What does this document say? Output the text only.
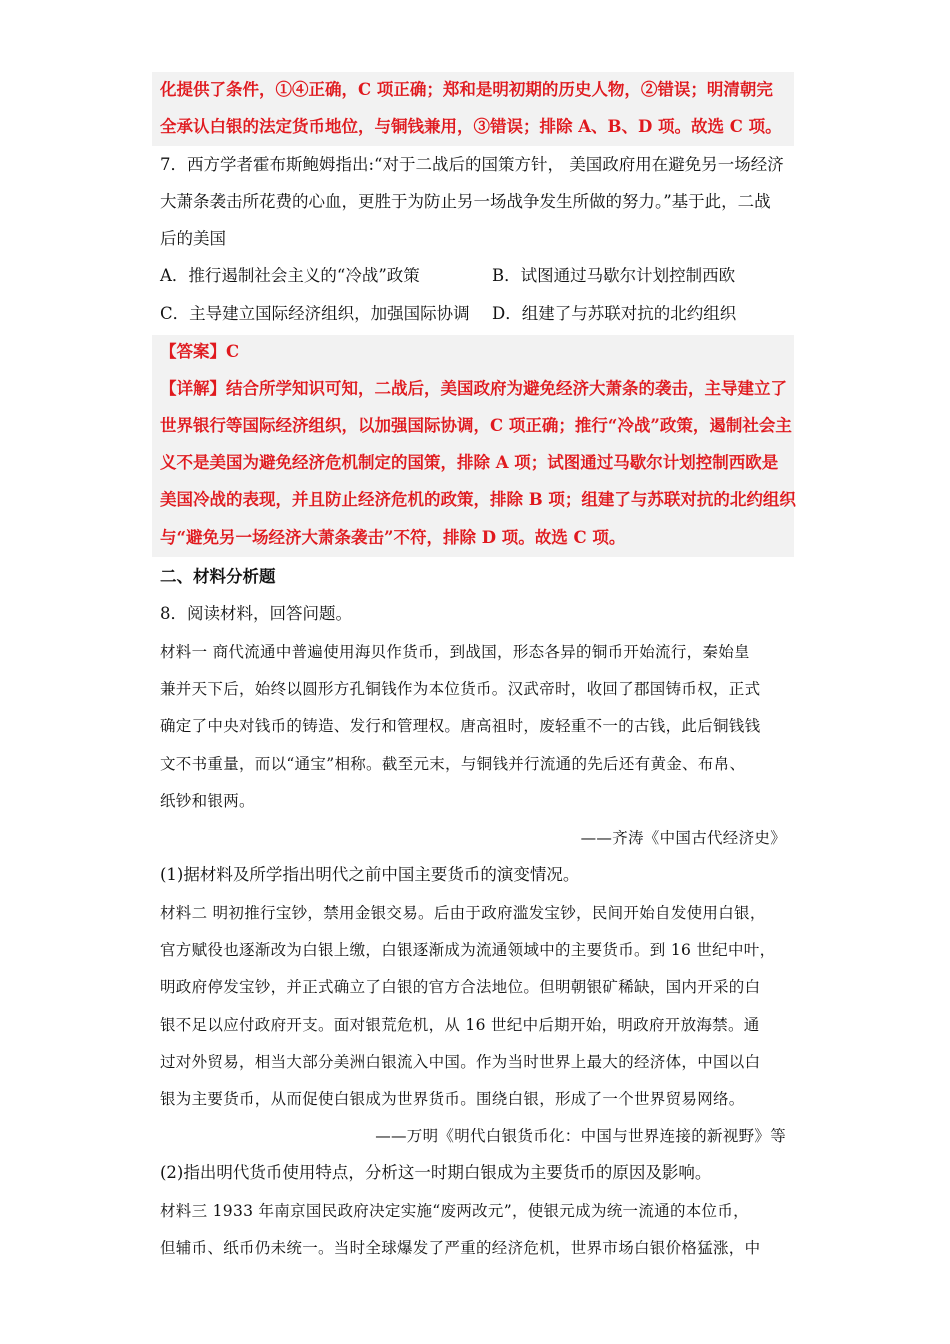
化提供了条件，①④正确，C 项正确；郑和是明初期的历史人物，②错误；明清朝完
全承认白银的法定货币地位，与铜钱兼用，③错误；排除 A、B、D 项。故选 C 项。
7．西方学者霍布斯鲍姆指出:“对于二战后的国策方针， 美国政府用在避免另一场经济
大萧条袭击所花费的心血，更胜于为防止另一场战争发生所做的努力。”基于此，二战
后的美国
A．推行遏制社会主义的“冷战”政策	B．试图通过马歇尔计划控制西欧
C．主导建立国际经济组织，加强国际协调 D．组建了与苏联对抗的北约组织
【答案】C
【详解】结合所学知识可知，二战后，美国政府为避免经济大萧条的袭击，主导建立了
世界银行等国际经济组织，以加强国际协调，C 项正确；推行“冷战”政策，遏制社会主
义不是美国为避免经济危机制定的国策，排除 A 项；试图通过马歇尔计划控制西欧是
美国冷战的表现，并且防止经济危机的政策，排除 B 项；组建了与苏联对抗的北约组织
与“避免另一场经济大萧条袭击”不符，排除 D 项。故选 C 项。
二、材料分析题
8．阅读材料，回答问题。
材料一 商代流通中普遍使用海贝作货币，到战国，形态各异的铜币开始流行，秦始皇
兼并天下后，始终以圆形方孔铜钱作为本位货币。汉武帝时，收回了郡国铸币权，正式
确定了中央对钱币的铸造、发行和管理权。唐高祖时，废轻重不一的古钱，此后铜钱钱
文不书重量，而以“通宝”相称。截至元末，与铜钱并行流通的先后还有黄金、布帛、
纸钞和银两。
——齐涛《中国古代经济史》
(1)据材料及所学指出明代之前中国主要货币的演变情况。
材料二 明初推行宝钞，禁用金银交易。后由于政府滥发宝钞，民间开始自发使用白银，
官方赋役也逐渐改为白银上缴，白银逐渐成为流通领域中的主要货币。到 16 世纪中叶，
明政府停发宝钞，并正式确立了白银的官方合法地位。但明朝银矿稀缺，国内开采的白
银不足以应付政府开支。面对银荒危机，从 16 世纪中后期开始，明政府开放海禁。通
过对外贸易，相当大部分美洲白银流入中国。作为当时世界上最大的经济体，中国以白
银为主要货币，从而促使白银成为世界货币。围绕白银，形成了一个世界贸易网络。
——万明《明代白银货币化：中国与世界连接的新视野》等
(2)指出明代货币使用特点，分析这一时期白银成为主要货币的原因及影响。
材料三 1933 年南京国民政府决定实施“废两改元”，使银元成为统一流通的本位币，
但辅币、纸币仍未统一。当时全球爆发了严重的经济危机，世界市场白银价格猛涨，中
